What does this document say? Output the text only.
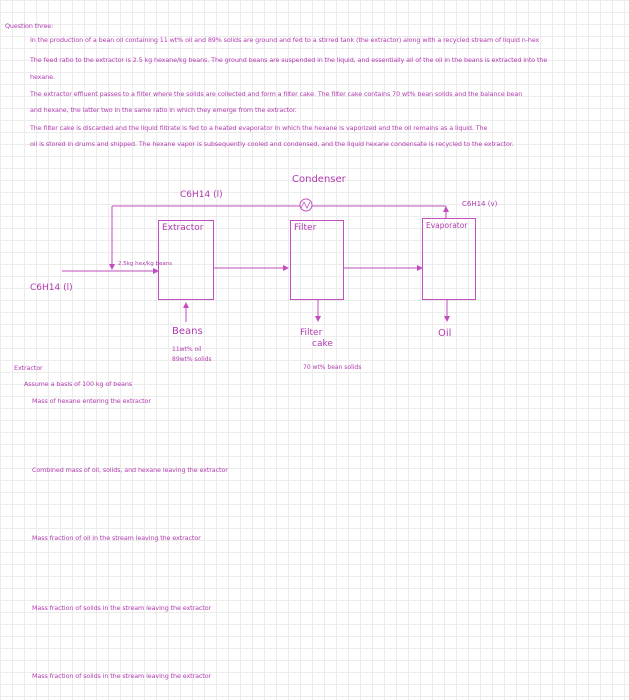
Question three:
In the production of a bean oil containing 11 wt% oil and 89% solids are ground and fed to a stirred tank (the extractor) along with a recycled stream of liquid n-hex
The feed ratio to the extractor is 2.5 kg hexane/kg beans. The ground beans are suspended in the liquid, and essentially all of the oil in the beans is extracted into the
hexane.
The extractor effluent passes to a filter where the solids are collected and form a filter cake. The filter cake contains 70 wt% bean solids and the balance bean
and hexane, the latter two in the same ratio in which they emerge from the extractor.
The filter cake is discarded and the liquid filtrate is fed to a heated evaporator in which the hexane is vaporized and the oil remains as a liquid. The
oil is stored in drums and shipped. The hexane vapor is subsequently cooled and condensed, and the liquid hexane condensate is recycled to the extractor.
Condenser
C6H14 (l)
C6H14 (v)
Extractor	Filter	Evaporator
2.5kg hex/kg beans
C6H14 (l)
Beans
11wt% oil
89wt% solids
Filter
cake
70 wt% bean solids
Oil
Extractor
Assume a basis of 100 kg of beans
Mass of hexane entering the extractor
Combined mass of oil, solids, and hexane leaving the extractor
Mass fraction of oil in the stream leaving the extractor
Mass fraction of solids in the stream leaving the extractor
Mass fraction of solids in the stream leaving the extractor
